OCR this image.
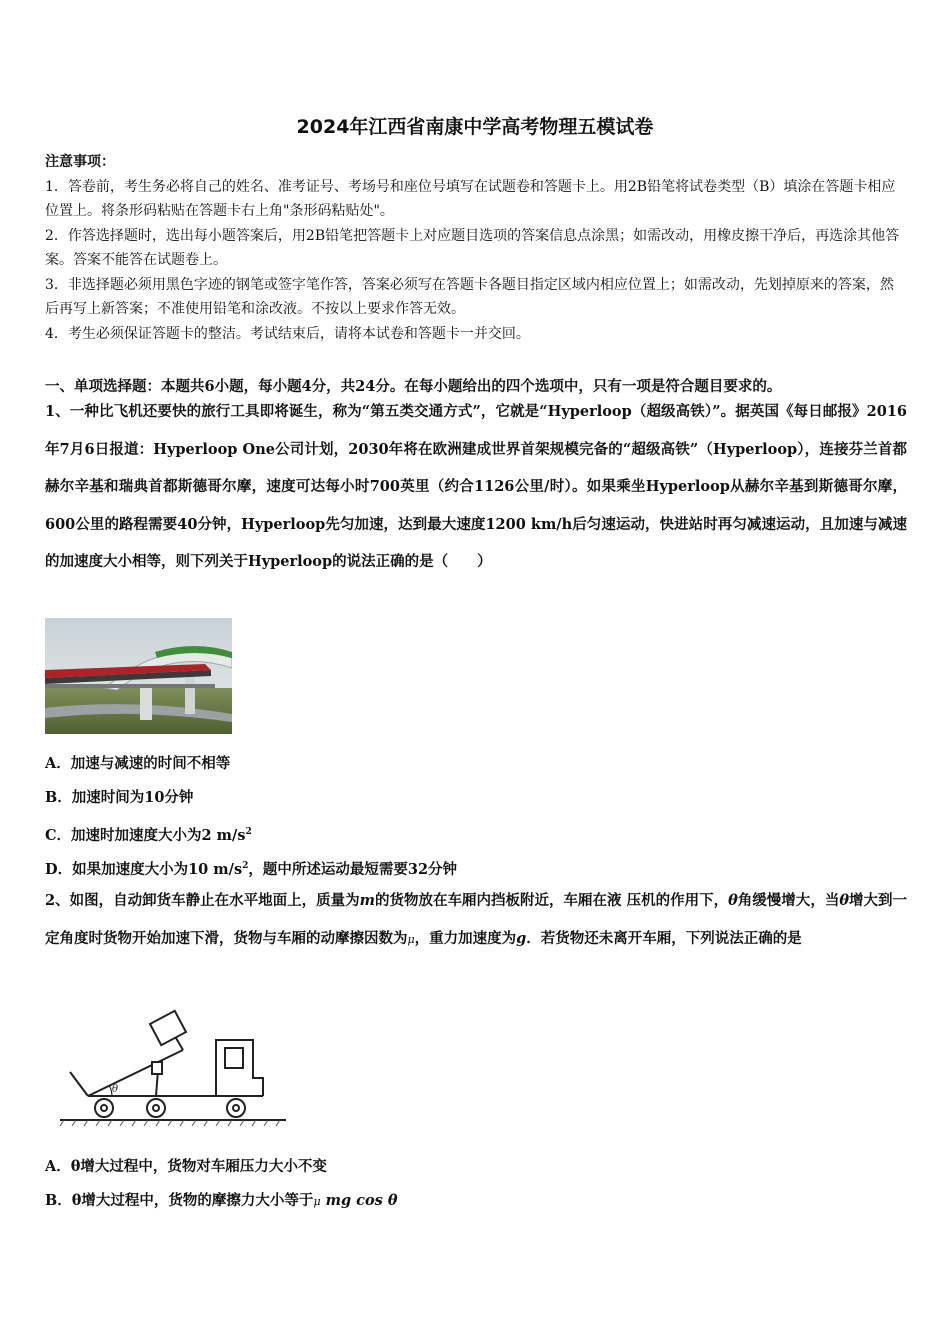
2024年江西省南康中学高考物理五模试卷
注意事项：
1．答卷前，考生务必将自己的姓名、准考证号、考场号和座位号填写在试题卷和答题卡上。用2B铅笔将试卷类型（B）填涂在答题卡相应位置上。将条形码粘贴在答题卡右上角"条形码粘贴处"。
2．作答选择题时，选出每小题答案后，用2B铅笔把答题卡上对应题目选项的答案信息点涂黑；如需改动，用橡皮擦干净后，再选涂其他答案。答案不能答在试题卷上。
3．非选择题必须用黑色字迹的钢笔或签字笔作答，答案必须写在答题卡各题目指定区域内相应位置上；如需改动，先划掉原来的答案，然后再写上新答案；不准使用铅笔和涂改液。不按以上要求作答无效。
4．考生必须保证答题卡的整洁。考试结束后，请将本试卷和答题卡一并交回。
一、单项选择题：本题共6小题，每小题4分，共24分。在每小题给出的四个选项中，只有一项是符合题目要求的。
1、一种比飞机还要快的旅行工具即将诞生，称为“第五类交通方式”，它就是“Hyperloop（超级高铁）”。据英国《每日邮报》2016年7月6日报道：Hyperloop One公司计划，2030年将在欧洲建成世界首架规模完备的“超级高铁”（Hyperloop），连接芬兰首都赫尔辛基和瑞典首都斯德哥尔摩，速度可达每小时700英里（约合1126公里/时）。如果乘坐Hyperloop从赫尔辛基到斯德哥尔摩，600公里的路程需要40分钟，Hyperloop先匀加速，达到最大速度1200 km/h后匀速运动，快进站时再匀减速运动，且加速与减速的加速度大小相等，则下列关于Hyperloop的说法正确的是（　　）
A．加速与减速的时间不相等
B．加速时间为10分钟
C．加速时加速度大小为2 $m/s^2$
D．如果加速度大小为10 $m/s^2$，题中所述运动最短需要32分钟
2、如图，自动卸货车静止在水平地面上，质量为m的货物放在车厢内挡板附近，车厢在液 压机的作用下，θ角缓慢增大，当θ增大到一定角度时货物开始加速下滑，货物与车厢的动摩擦因数为μ，重力加速度为g．若货物还未离开车厢，下列说法正确的是
θ
A．θ增大过程中，货物对车厢压力大小不变
B．θ增大过程中，货物的摩擦力大小等于μ mg cos θ
